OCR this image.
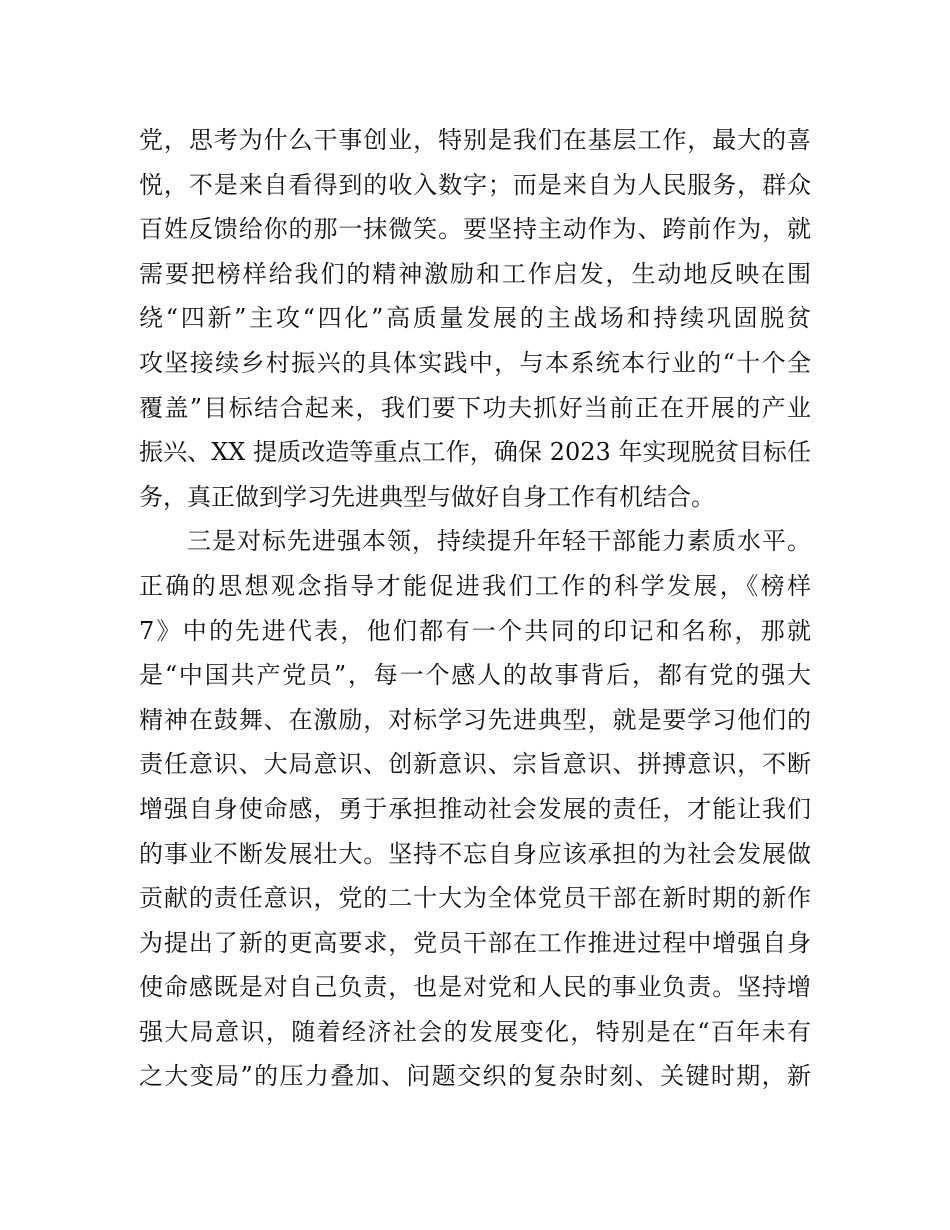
党，思考为什么干事创业，特别是我们在基层工作，最大的喜
悦，不是来自看得到的收入数字；而是来自为人民服务，群众
百姓反馈给你的那一抹微笑。要坚持主动作为、跨前作为，就
需要把榜样给我们的精神激励和工作启发，生动地反映在围
绕“四新”主攻“四化”高质量发展的主战场和持续巩固脱贫
攻坚接续乡村振兴的具体实践中，与本系统本行业的“十个全
覆盖”目标结合起来，我们要下功夫抓好当前正在开展的产业
振兴、XX 提质改造等重点工作，确保 2023 年实现脱贫目标任
务，真正做到学习先进典型与做好自身工作有机结合。
三是对标先进强本领，持续提升年轻干部能力素质水平。
正确的思想观念指导才能促进我们工作的科学发展，《榜样
7》中的先进代表，他们都有一个共同的印记和名称，那就
是“中国共产党员”，每一个感人的故事背后，都有党的强大
精神在鼓舞、在激励，对标学习先进典型，就是要学习他们的
责任意识、大局意识、创新意识、宗旨意识、拼搏意识，不断
增强自身使命感，勇于承担推动社会发展的责任，才能让我们
的事业不断发展壮大。坚持不忘自身应该承担的为社会发展做
贡献的责任意识，党的二十大为全体党员干部在新时期的新作
为提出了新的更高要求，党员干部在工作推进过程中增强自身
使命感既是对自己负责，也是对党和人民的事业负责。坚持增
强大局意识，随着经济社会的发展变化，特别是在“百年未有
之大变局”的压力叠加、问题交织的复杂时刻、关键时期，新
